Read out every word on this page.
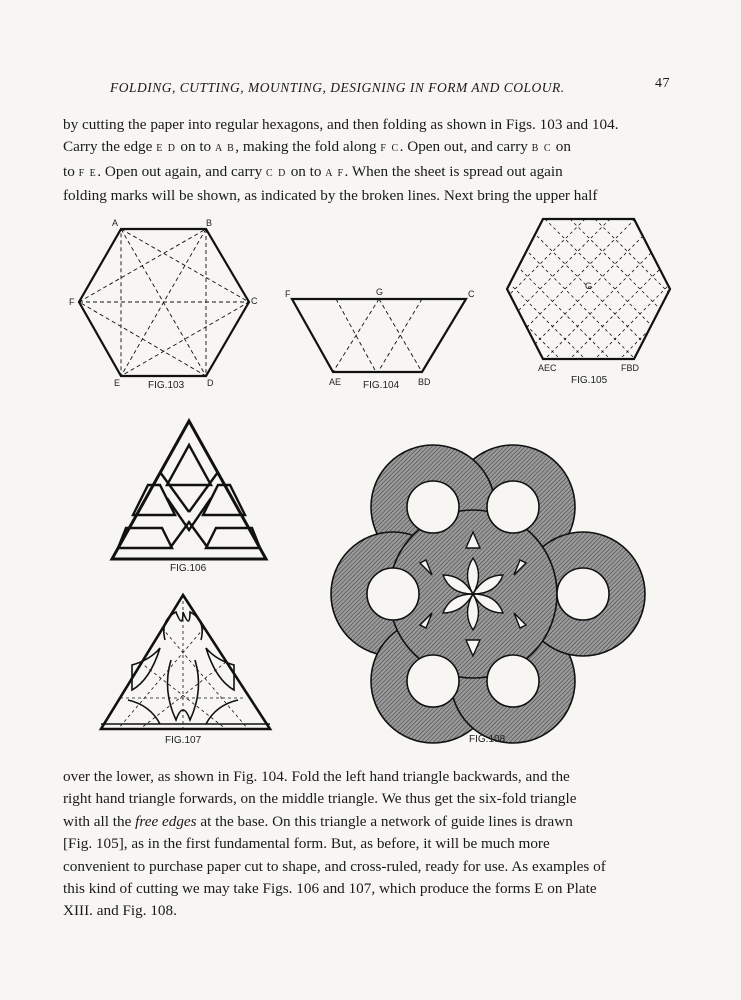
FOLDING, CUTTING, MOUNTING, DESIGNING IN FORM AND COLOUR.	47
by cutting the paper into regular hexagons, and then folding as shown in Figs. 103 and 104.
Carry the edge E D on to A B, making the fold along F C. Open out, and carry B C on
to F E. Open out again, and carry C D on to A F. When the sheet is spread out again
folding marks will be shown, as indicated by the broken lines. Next bring the upper half
A	B
C
D
E
F
FIG.103
F	G	C
AE	BD
FIG.104
G
AEC	FBD
FIG.105
FIG.106
FIG.107	FIG.108
over the lower, as shown in Fig. 104. Fold the left hand triangle backwards, and the
right hand triangle forwards, on the middle triangle. We thus get the six-fold triangle
with all the free edges at the base. On this triangle a network of guide lines is drawn
[Fig. 105], as in the first fundamental form. But, as before, it will be much more
convenient to purchase paper cut to shape, and cross-ruled, ready for use. As examples of
this kind of cutting we may take Figs. 106 and 107, which produce the forms E on Plate
XIII. and Fig. 108.
